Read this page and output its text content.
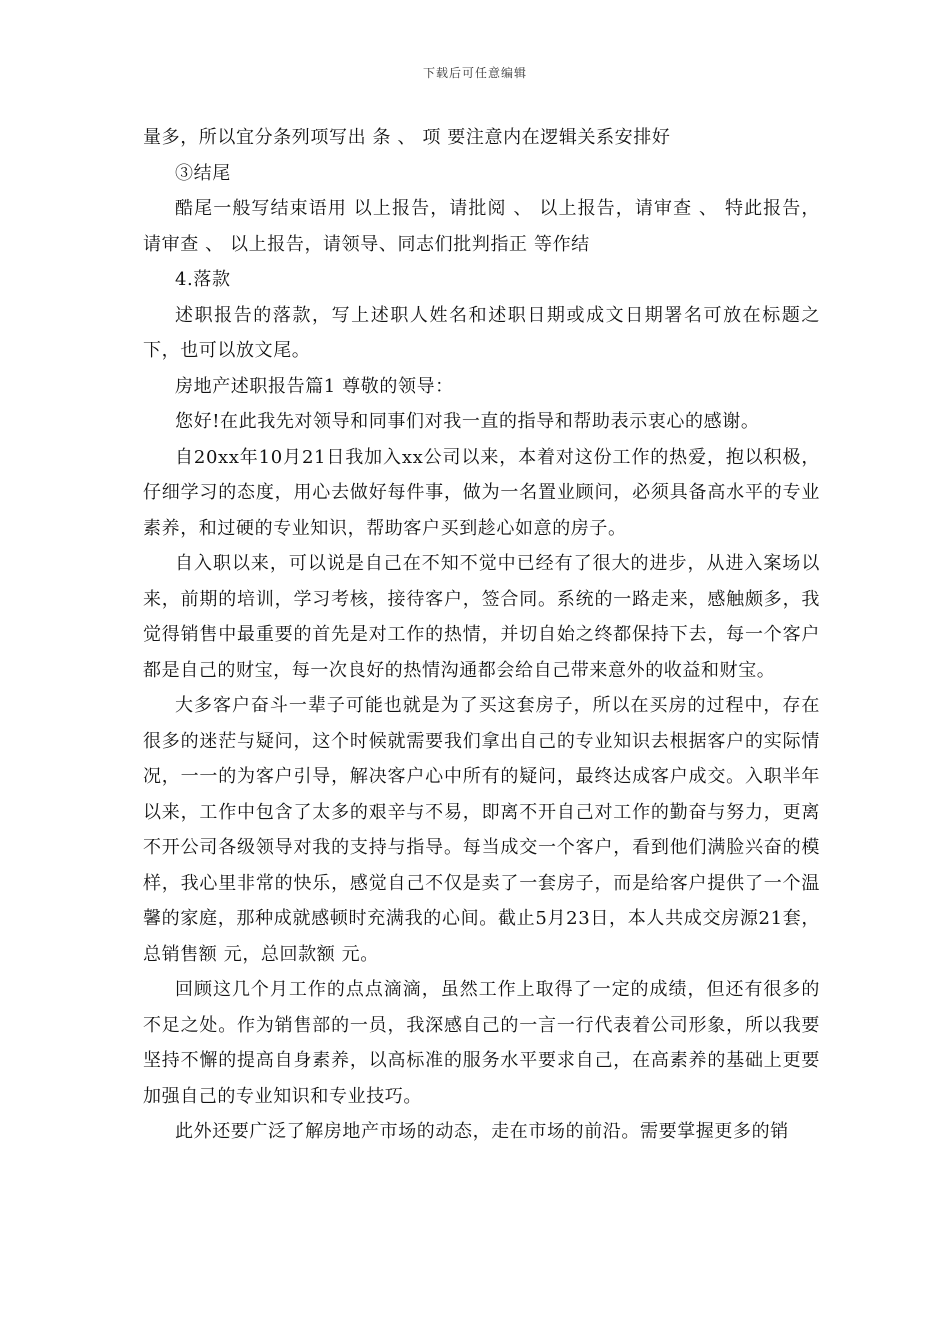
下载后可任意编辑

量多，所以宜分条列项写出 条 、 项 要注意内在逻辑关系安排好

③结尾

酷尾一般写结束语用 以上报告，请批阅 、 以上报告，请审查 、 特此报告，请审查 、 以上报告，请领导、同志们批判指正 等作结

4.落款

述职报告的落款，写上述职人姓名和述职日期或成文日期署名可放在标题之下，也可以放文尾。

房地产述职报告篇1 尊敬的领导：

您好!在此我先对领导和同事们对我一直的指导和帮助表示衷心的感谢。

自20xx年10月21日我加入xx公司以来，本着对这份工作的热爱，抱以积极，仔细学习的态度，用心去做好每件事，做为一名置业顾问，必须具备高水平的专业素养，和过硬的专业知识，帮助客户买到趁心如意的房子。

自入职以来，可以说是自己在不知不觉中已经有了很大的进步，从进入案场以来，前期的培训，学习考核，接待客户，签合同。系统的一路走来，感触颇多，我觉得销售中最重要的首先是对工作的热情，并切自始之终都保持下去，每一个客户都是自己的财宝，每一次良好的热情沟通都会给自己带来意外的收益和财宝。

大多客户奋斗一辈子可能也就是为了买这套房子，所以在买房的过程中，存在很多的迷茫与疑问，这个时候就需要我们拿出自己的专业知识去根据客户的实际情况，一一的为客户引导，解决客户心中所有的疑问，最终达成客户成交。入职半年以来，工作中包含了太多的艰辛与不易，即离不开自己对工作的勤奋与努力，更离不开公司各级领导对我的支持与指导。每当成交一个客户，看到他们满脸兴奋的模样，我心里非常的快乐，感觉自己不仅是卖了一套房子，而是给客户提供了一个温馨的家庭，那种成就感顿时充满我的心间。截止5月23日，本人共成交房源21套，总销售额 元，总回款额 元。

回顾这几个月工作的点点滴滴，虽然工作上取得了一定的成绩，但还有很多的不足之处。作为销售部的一员，我深感自己的一言一行代表着公司形象，所以我要坚持不懈的提高自身素养，以高标准的服务水平要求自己，在高素养的基础上更要加强自己的专业知识和专业技巧。

此外还要广泛了解房地产市场的动态，走在市场的前沿。需要掌握更多的销
